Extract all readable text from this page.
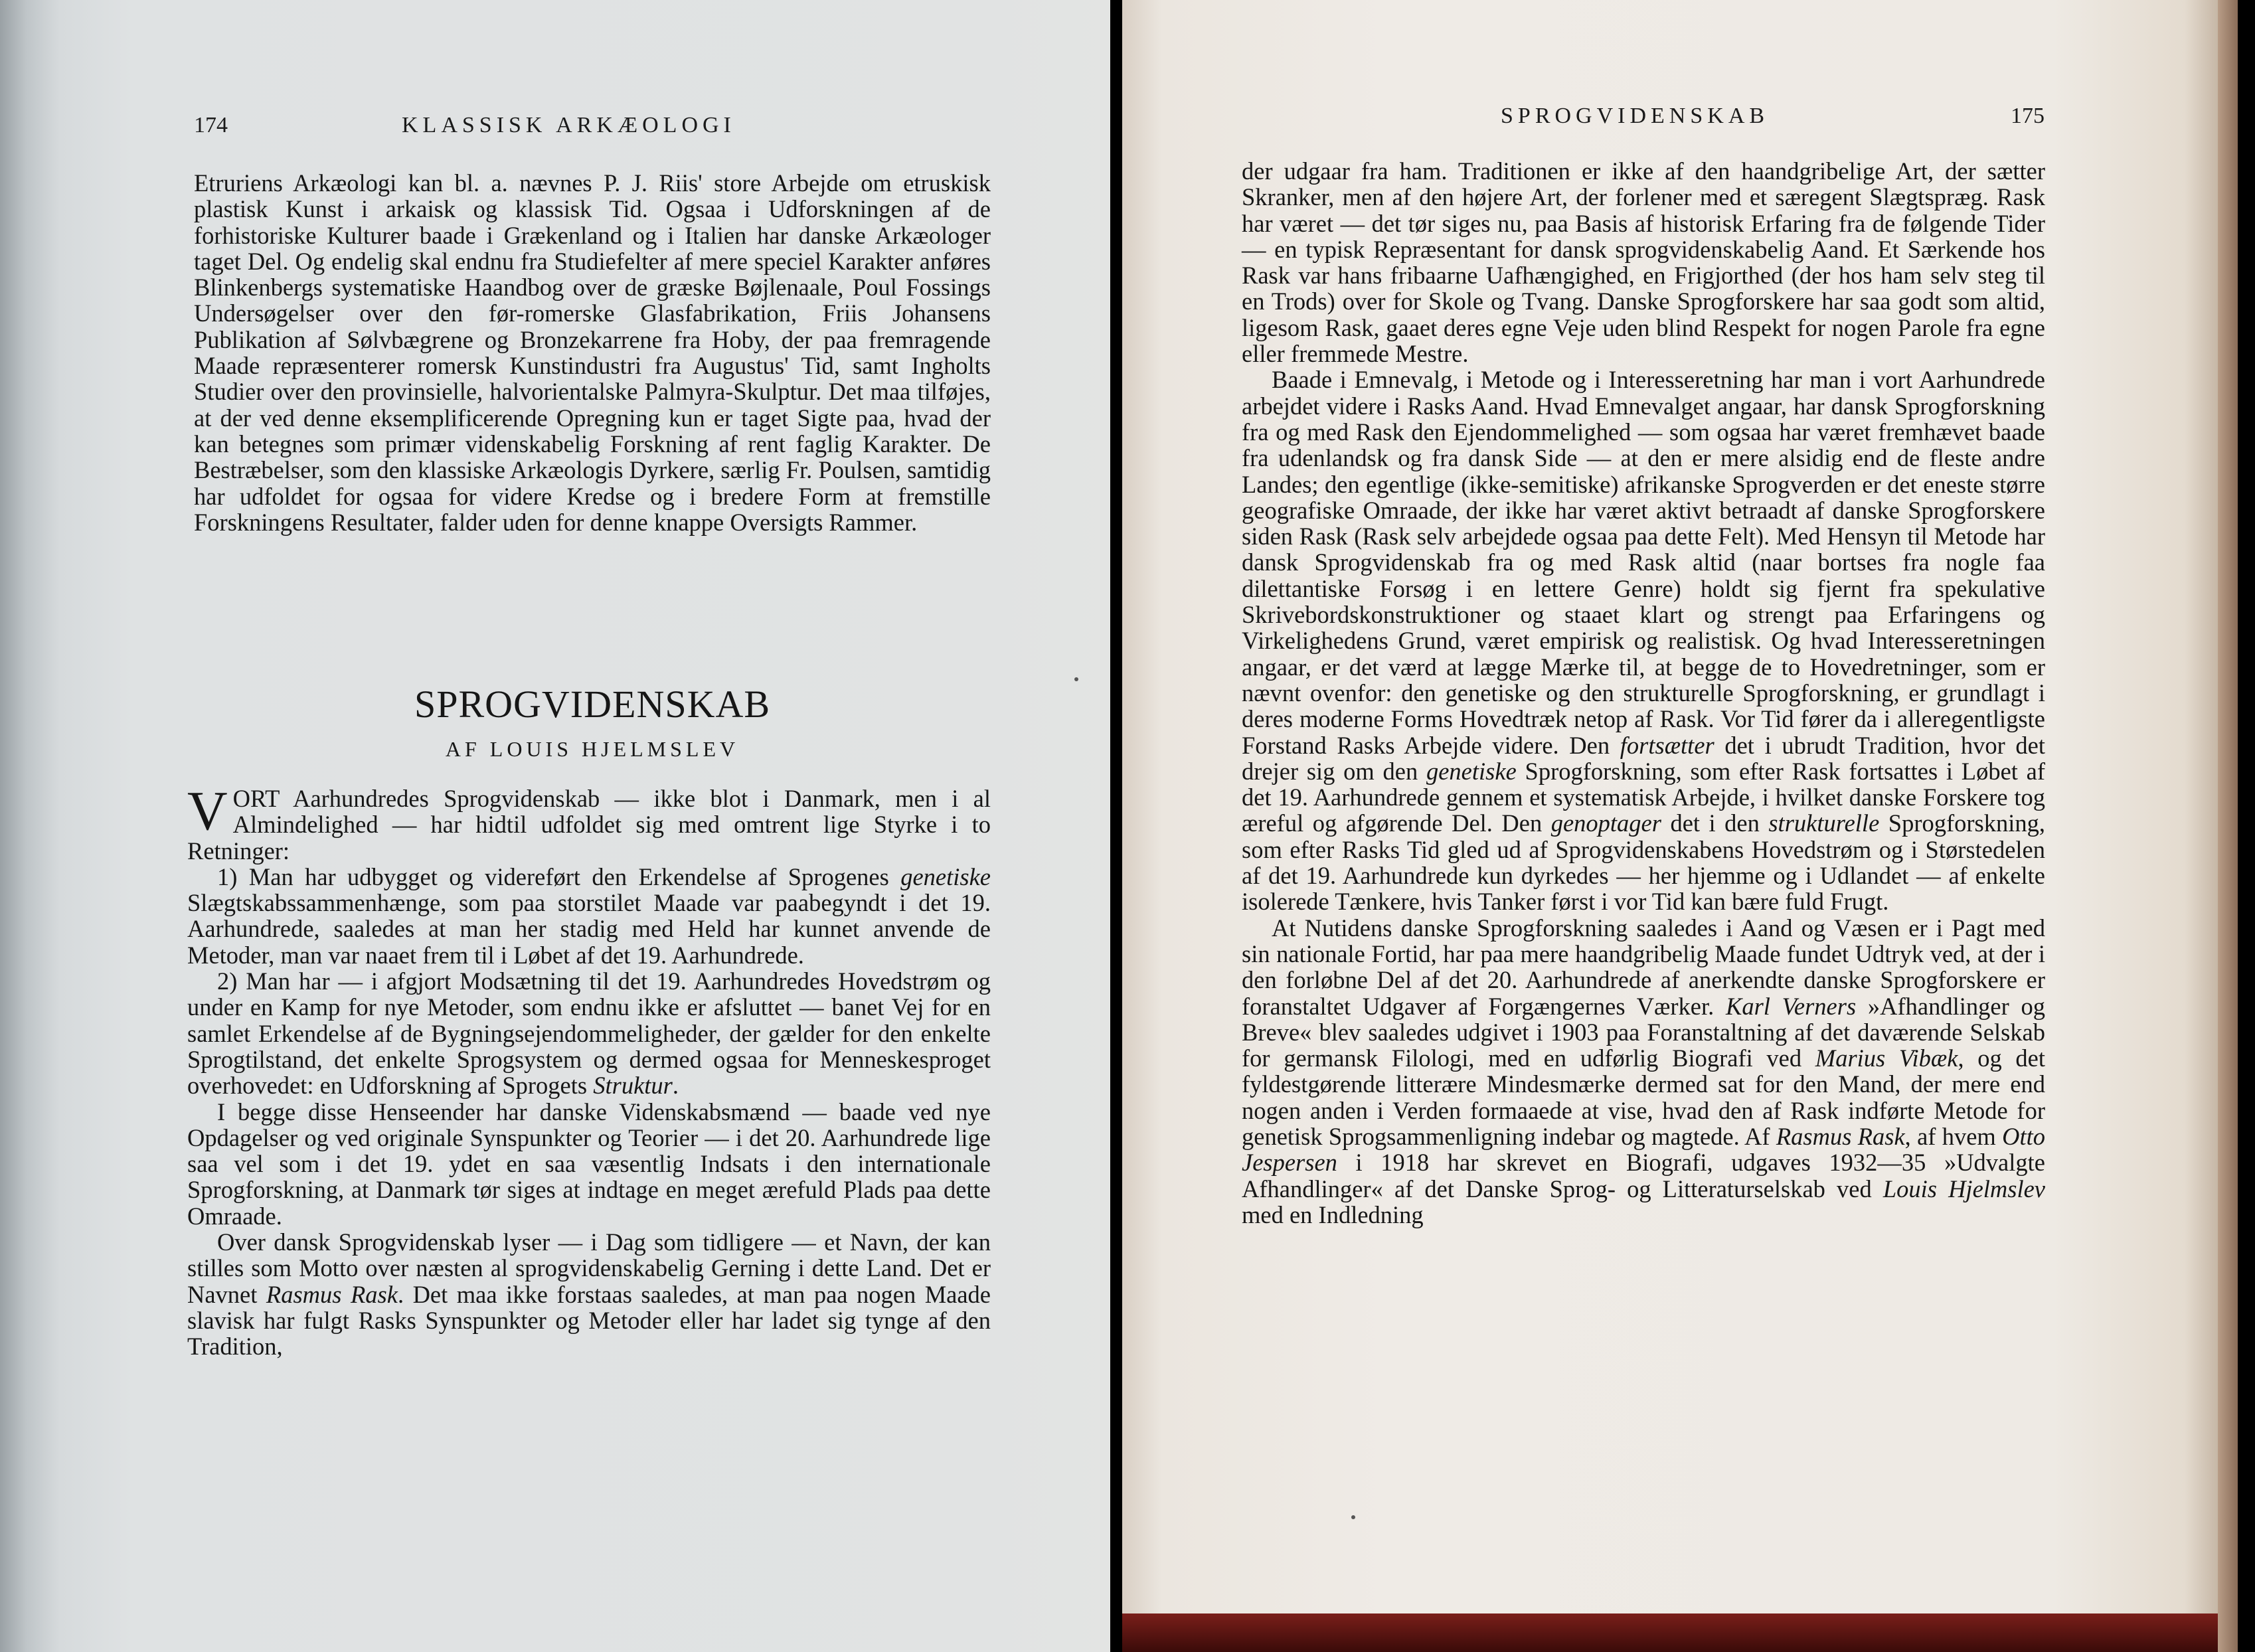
174	KLASSISK ARKÆOLOGI

Etruriens Arkæologi kan bl. a. nævnes P. J. Riis' store Arbejde om etruskisk plastisk Kunst i arkaisk og klassisk Tid. Ogsaa i Udforskningen af de forhistoriske Kulturer baade i Grækenland og i Italien har danske Arkæologer taget Del. Og endelig skal endnu fra Studiefelter af mere speciel Karakter anføres Blinkenbergs systematiske Haandbog over de græske Bøjlenaale, Poul Fossings Undersøgelser over den før-romerske Glasfabrikation, Friis Johansens Publikation af Sølvbægrene og Bronzekarrene fra Hoby, der paa fremragende Maade repræsenterer romersk Kunstindustri fra Augustus' Tid, samt Ingholts Studier over den provinsielle, halvorientalske Palmyra-Skulptur. Det maa tilføjes, at der ved denne eksemplificerende Opregning kun er taget Sigte paa, hvad der kan betegnes som primær videnskabelig Forskning af rent faglig Karakter. De Bestræbelser, som den klassiske Arkæologis Dyrkere, særlig Fr. Poulsen, samtidig har udfoldet for ogsaa for videre Kredse og i bredere Form at fremstille Forskningens Resultater, falder uden for denne knappe Oversigts Rammer.

SPROGVIDENSKAB
AF LOUIS HJELMSLEV

VORT Aarhundredes Sprogvidenskab — ikke blot i Danmark, men i al Almindelighed — har hidtil udfoldet sig med omtrent lige Styrke i to Retninger:

1) Man har udbygget og videreført den Erkendelse af Sprogenes genetiske Slægtskabssammenhænge, som paa storstilet Maade var paabegyndt i det 19. Aarhundrede, saaledes at man her stadig med Held har kunnet anvende de Metoder, man var naaet frem til i Løbet af det 19. Aarhundrede.

2) Man har — i afgjort Modsætning til det 19. Aarhundredes Hovedstrøm og under en Kamp for nye Metoder, som endnu ikke er afsluttet — banet Vej for en samlet Erkendelse af de Bygningsejendommeligheder, der gælder for den enkelte Sprogtilstand, det enkelte Sprogsystem og dermed ogsaa for Menneskesproget overhovedet: en Udforskning af Sprogets Struktur.

I begge disse Henseender har danske Videnskabsmænd — baade ved nye Opdagelser og ved originale Synspunkter og Teorier — i det 20. Aarhundrede lige saa vel som i det 19. ydet en saa væsentlig Indsats i den internationale Sprogforskning, at Danmark tør siges at indtage en meget ærefuld Plads paa dette Omraade.

Over dansk Sprogvidenskab lyser — i Dag som tidligere — et Navn, der kan stilles som Motto over næsten al sprogvidenskabelig Gerning i dette Land. Det er Navnet Rasmus Rask. Det maa ikke forstaas saaledes, at man paa nogen Maade slavisk har fulgt Rasks Synspunkter og Metoder eller har ladet sig tynge af den Tradition,

SPROGVIDENSKAB	175

der udgaar fra ham. Traditionen er ikke af den haandgribelige Art, der sætter Skranker, men af den højere Art, der forlener med et særegent Slægtspræg. Rask har været — det tør siges nu, paa Basis af historisk Erfaring fra de følgende Tider — en typisk Repræsentant for dansk sprogvidenskabelig Aand. Et Særkende hos Rask var hans fribaarne Uafhængighed, en Frigjorthed (der hos ham selv steg til en Trods) over for Skole og Tvang. Danske Sprogforskere har saa godt som altid, ligesom Rask, gaaet deres egne Veje uden blind Respekt for nogen Parole fra egne eller fremmede Mestre.

Baade i Emnevalg, i Metode og i Interesseretning har man i vort Aarhundrede arbejdet videre i Rasks Aand. Hvad Emnevalget angaar, har dansk Sprogforskning fra og med Rask den Ejendommelighed — som ogsaa har været fremhævet baade fra udenlandsk og fra dansk Side — at den er mere alsidig end de fleste andre Landes; den egentlige (ikke-semitiske) afrikanske Sprogverden er det eneste større geografiske Omraade, der ikke har været aktivt betraadt af danske Sprogforskere siden Rask (Rask selv arbejdede ogsaa paa dette Felt). Med Hensyn til Metode har dansk Sprogvidenskab fra og med Rask altid (naar bortses fra nogle faa dilettantiske Forsøg i en lettere Genre) holdt sig fjernt fra spekulative Skrivebordskonstruktioner og staaet klart og strengt paa Erfaringens og Virkelighedens Grund, været empirisk og realistisk. Og hvad Interesseretningen angaar, er det værd at lægge Mærke til, at begge de to Hovedretninger, som er nævnt ovenfor: den genetiske og den strukturelle Sprogforskning, er grundlagt i deres moderne Forms Hovedtræk netop af Rask. Vor Tid fører da i alleregentligste Forstand Rasks Arbejde videre. Den fortsætter det i ubrudt Tradition, hvor det drejer sig om den genetiske Sprogforskning, som efter Rask fortsattes i Løbet af det 19. Aarhundrede gennem et systematisk Arbejde, i hvilket danske Forskere tog æreful og afgørende Del. Den genoptager det i den strukturelle Sprogforskning, som efter Rasks Tid gled ud af Sprogvidenskabens Hovedstrøm og i Størstedelen af det 19. Aarhundrede kun dyrkedes — her hjemme og i Udlandet — af enkelte isolerede Tænkere, hvis Tanker først i vor Tid kan bære fuld Frugt.

At Nutidens danske Sprogforskning saaledes i Aand og Væsen er i Pagt med sin nationale Fortid, har paa mere haandgribelig Maade fundet Udtryk ved, at der i den forløbne Del af det 20. Aarhundrede af anerkendte danske Sprogforskere er foranstaltet Udgaver af Forgængernes Værker. Karl Verners »Afhandlinger og Breve« blev saaledes udgivet i 1903 paa Foranstaltning af det daværende Selskab for germansk Filologi, med en udførlig Biografi ved Marius Vibæk, og det fyldestgørende litterære Mindesmærke dermed sat for den Mand, der mere end nogen anden i Verden formaaede at vise, hvad den af Rask indførte Metode for genetisk Sprogsammenligning indebar og magtede. Af Rasmus Rask, af hvem Otto Jespersen i 1918 har skrevet en Biografi, udgaves 1932—35 »Udvalgte Afhandlinger« af det Danske Sprog- og Litteraturselskab ved Louis Hjelmslev med en Indledning
